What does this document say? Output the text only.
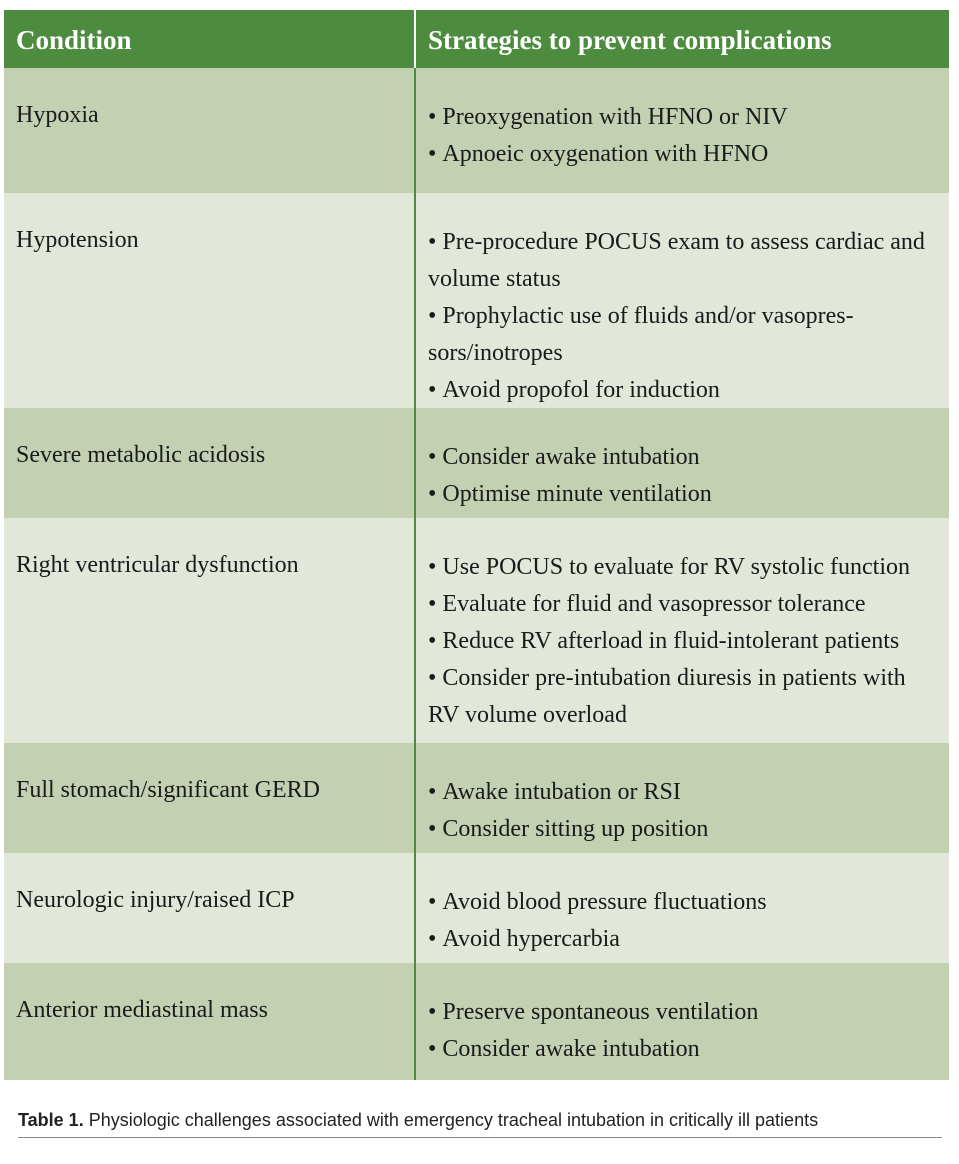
Condition	Strategies to prevent complications
Hypoxia	• Preoxygenation with HFNO or NIV

• Apnoeic oxygenation with HFNO

Hypotension	• Pre-procedure POCUS exam to assess cardiac and volume status

• Prophylactic use of fluids and/or vasopres-sors/inotropes

• Avoid propofol for induction

Severe metabolic acidosis	• Consider awake intubation

• Optimise minute ventilation

Right ventricular dysfunction	• Use POCUS to evaluate for RV systolic function

• Evaluate for fluid and vasopressor tolerance

• Reduce RV afterload in fluid-intolerant patients

• Consider pre-intubation diuresis in patients with RV volume overload

Full stomach/significant GERD	• Awake intubation or RSI

• Consider sitting up position

Neurologic injury/raised ICP	• Avoid blood pressure fluctuations

• Avoid hypercarbia

Anterior mediastinal mass	• Preserve spontaneous ventilation

• Consider awake intubation

Table 1. Physiologic challenges associated with emergency tracheal intubation in critically ill patients
